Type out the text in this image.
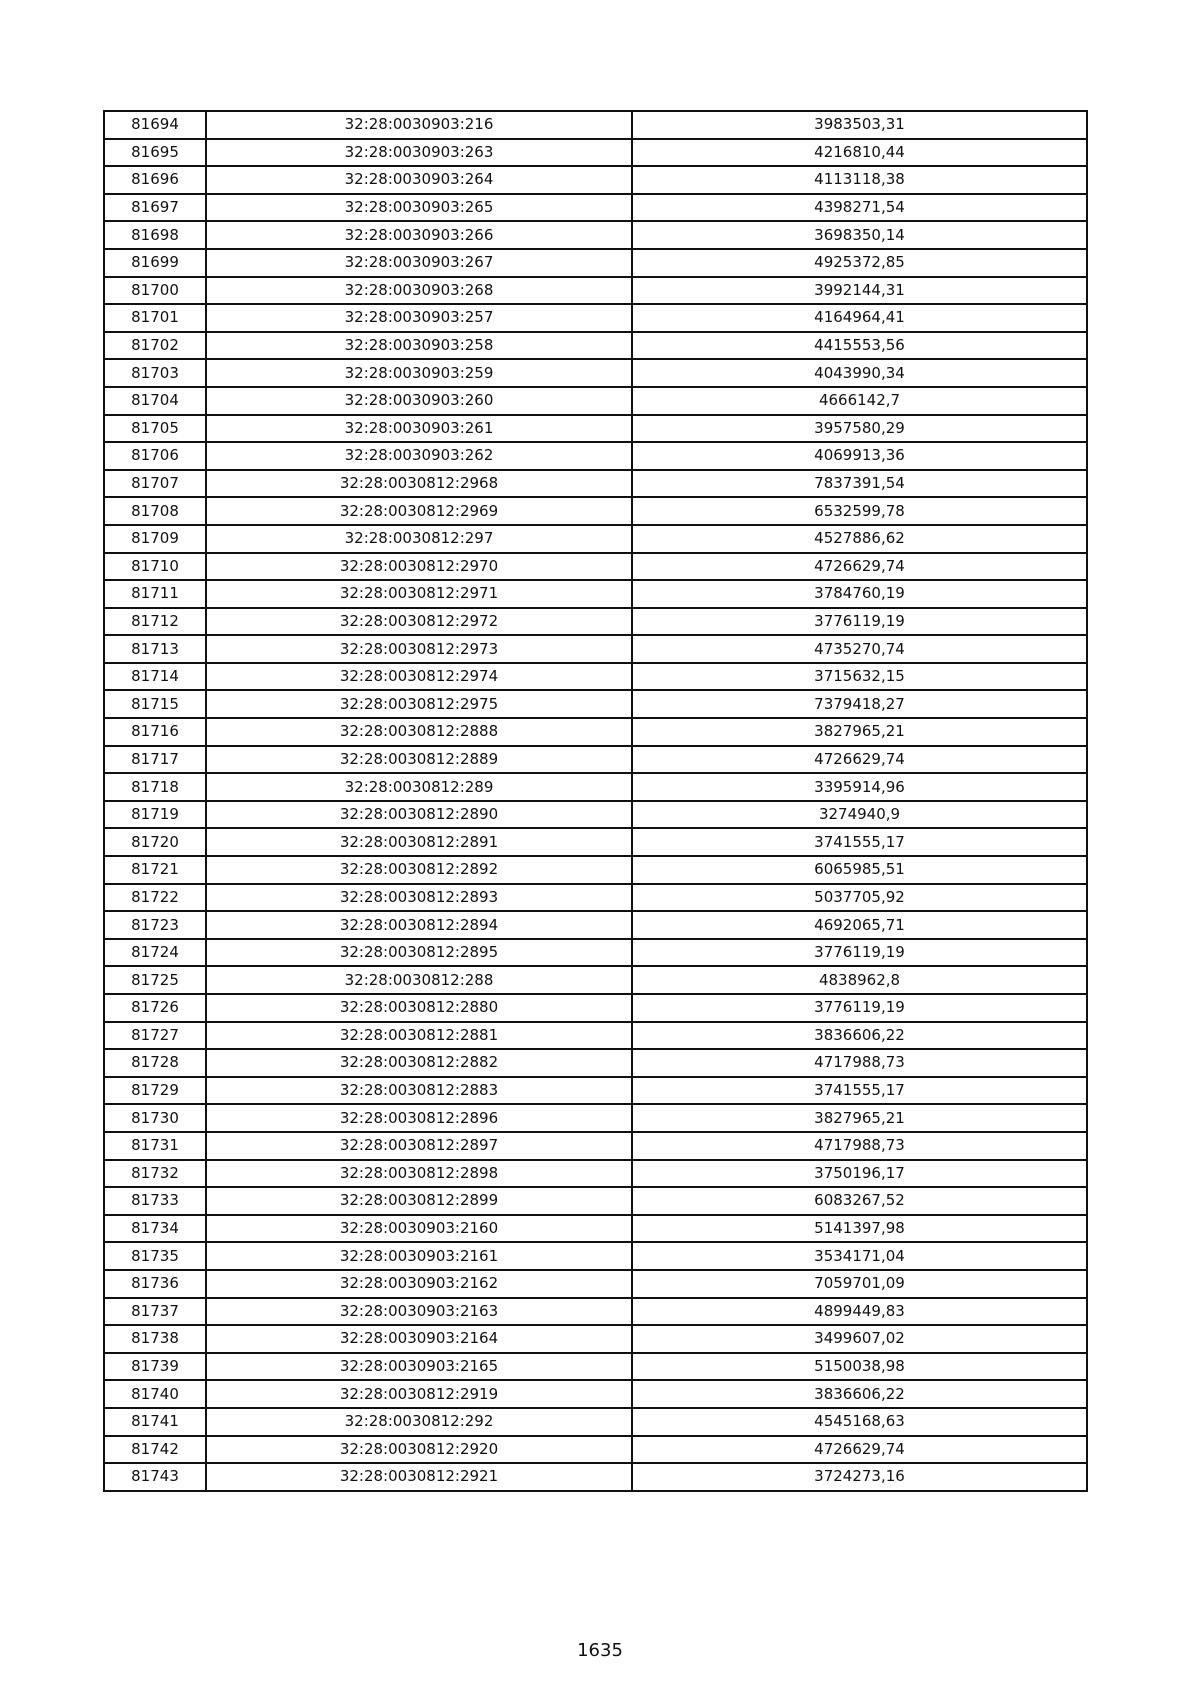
81694	32:28:0030903:216	3983503,31
81695	32:28:0030903:263	4216810,44
81696	32:28:0030903:264	4113118,38
81697	32:28:0030903:265	4398271,54
81698	32:28:0030903:266	3698350,14
81699	32:28:0030903:267	4925372,85
81700	32:28:0030903:268	3992144,31
81701	32:28:0030903:257	4164964,41
81702	32:28:0030903:258	4415553,56
81703	32:28:0030903:259	4043990,34
81704	32:28:0030903:260	4666142,7
81705	32:28:0030903:261	3957580,29
81706	32:28:0030903:262	4069913,36
81707	32:28:0030812:2968	7837391,54
81708	32:28:0030812:2969	6532599,78
81709	32:28:0030812:297	4527886,62
81710	32:28:0030812:2970	4726629,74
81711	32:28:0030812:2971	3784760,19
81712	32:28:0030812:2972	3776119,19
81713	32:28:0030812:2973	4735270,74
81714	32:28:0030812:2974	3715632,15
81715	32:28:0030812:2975	7379418,27
81716	32:28:0030812:2888	3827965,21
81717	32:28:0030812:2889	4726629,74
81718	32:28:0030812:289	3395914,96
81719	32:28:0030812:2890	3274940,9
81720	32:28:0030812:2891	3741555,17
81721	32:28:0030812:2892	6065985,51
81722	32:28:0030812:2893	5037705,92
81723	32:28:0030812:2894	4692065,71
81724	32:28:0030812:2895	3776119,19
81725	32:28:0030812:288	4838962,8
81726	32:28:0030812:2880	3776119,19
81727	32:28:0030812:2881	3836606,22
81728	32:28:0030812:2882	4717988,73
81729	32:28:0030812:2883	3741555,17
81730	32:28:0030812:2896	3827965,21
81731	32:28:0030812:2897	4717988,73
81732	32:28:0030812:2898	3750196,17
81733	32:28:0030812:2899	6083267,52
81734	32:28:0030903:2160	5141397,98
81735	32:28:0030903:2161	3534171,04
81736	32:28:0030903:2162	7059701,09
81737	32:28:0030903:2163	4899449,83
81738	32:28:0030903:2164	3499607,02
81739	32:28:0030903:2165	5150038,98
81740	32:28:0030812:2919	3836606,22
81741	32:28:0030812:292	4545168,63
81742	32:28:0030812:2920	4726629,74
81743	32:28:0030812:2921	3724273,16
1635
